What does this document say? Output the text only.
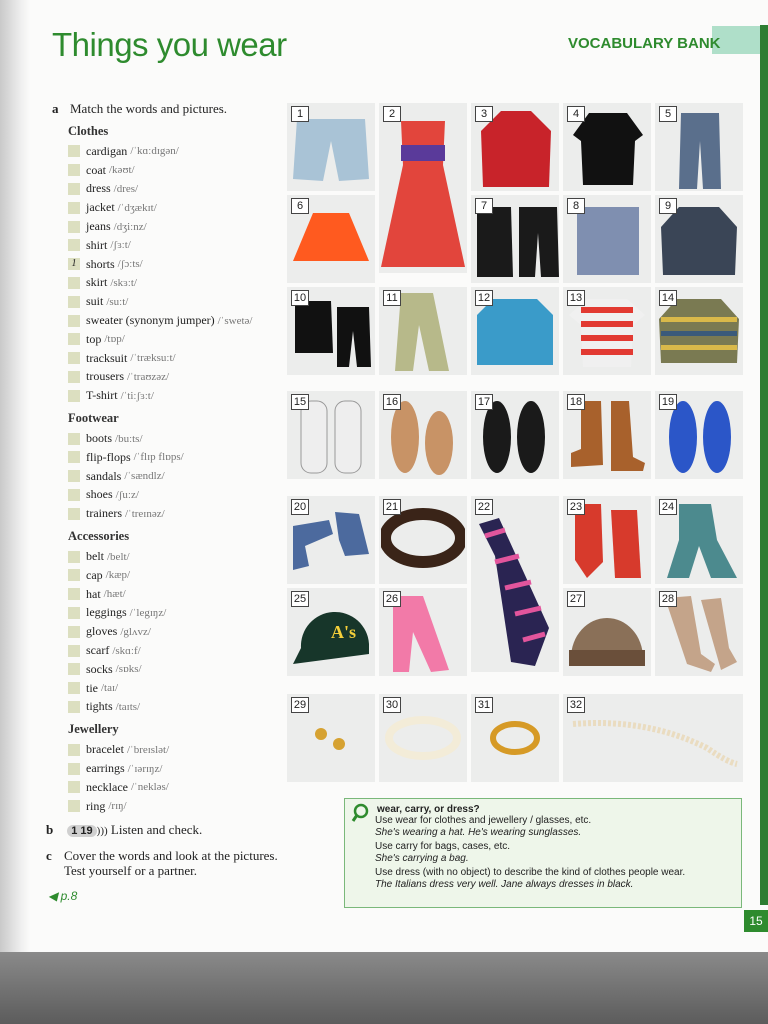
Things you wear	VOCABULARY BANK
a Match the words and pictures.
Clothes
cardigan /ˈkɑːdɪgən/
coat /kəʊt/
dress /dres/
jacket /ˈdʒækɪt/
jeans /dʒiːnz/
shirt /ʃɜːt/
1 shorts /ʃɔːts/
skirt /skɜːt/
suit /suːt/
sweater (synonym jumper) /ˈswetə/
top /tɒp/
tracksuit /ˈtræksuːt/
trousers /ˈtraʊzəz/
T-shirt /ˈtiːʃɜːt/
Footwear
boots /buːts/
flip-flops /ˈflɪp flɒps/
sandals /ˈsændlz/
shoes /ʃuːz/
trainers /ˈtreɪnəz/
Accessories
belt /belt/
cap /kæp/
hat /hæt/
leggings /ˈlegɪŋz/
gloves /glʌvz/
scarf /skɑːf/
socks /sɒks/
tie /taɪ/
tights /taɪts/
Jewellery
bracelet /ˈbreɪslət/
earrings /ˈɪərɪŋz/
necklace /ˈnekləs/
ring /rɪŋ/
b 1 19 ))) Listen and check.
c Cover the words and look at the pictures.
Test yourself or a partner.
◀ p.8
1	2	3	4	5
6	7	8	9
10	11	12	13	14
15	16	17	18	19
20	21	22	23	24
A's
25	26	27	28
29	30	31	32
wear, carry, or dress?

Use wear for clothes and jewellery / glasses, etc.

She's wearing a hat. He's wearing sunglasses.

Use carry for bags, cases, etc.

She's carrying a bag.

Use dress (with no object) to describe the kind of clothes people wear.

The Italians dress very well. Jane always dresses in black.

15
